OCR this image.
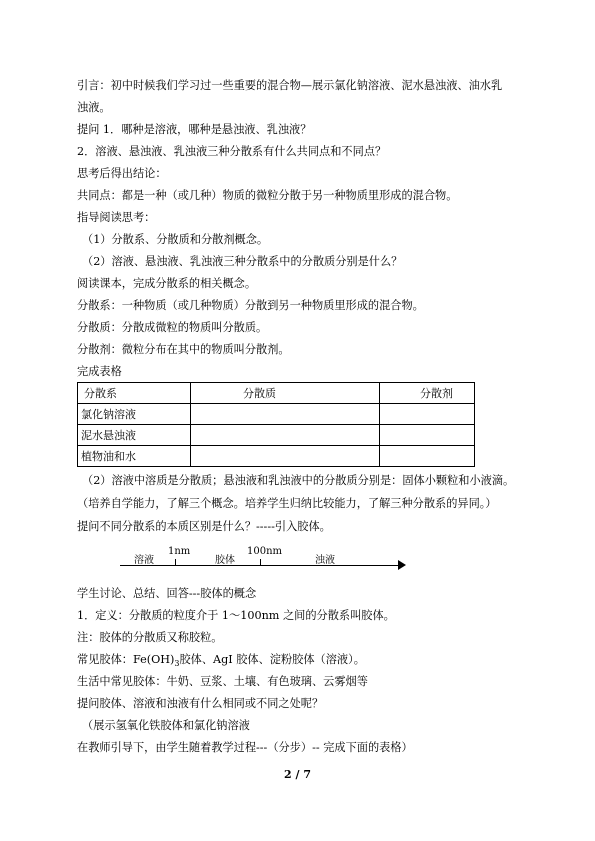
引言：初中时候我们学习过一些重要的混合物—展示氯化钠溶液、泥水悬浊液、油水乳
浊液。
提问 1．哪种是溶液，哪种是悬浊液、乳浊液？
2．溶液、悬浊液、乳浊液三种分散系有什么共同点和不同点？
思考后得出结论：
共同点：都是一种（或几种）物质的微粒分散于另一种物质里形成的混合物。
指导阅读思考：
（1）分散系、分散质和分散剂概念。
（2）溶液、悬浊液、乳浊液三种分散系中的分散质分别是什么？
阅读课本，完成分散系的相关概念。
分散系：一种物质（或几种物质）分散到另一种物质里形成的混合物。
分散质：分散成微粒的物质叫分散质。
分散剂：微粒分布在其中的物质叫分散剂。
完成表格
分散系	分散质	分散剂
氯化钠溶液		
泥水悬浊液		
植物油和水		
（2）溶液中溶质是分散质；悬浊液和乳浊液中的分散质分别是：固体小颗粒和小液滴。
（培养自学能力，了解三个概念。培养学生归纳比较能力，了解三种分散系的异同。）
提问不同分散系的本质区别是什么？-----引入胶体。
1nm	100nm
溶液	胶体	浊液
学生讨论、总结、回答---胶体的概念
1．定义：分散质的粒度介于 1～100nm 之间的分散系叫胶体。
注：胶体的分散质又称胶粒。
常见胶体：$Fe(OH)_3$胶体、AgI 胶体、淀粉胶体（溶液）。
生活中常见胶体：牛奶、豆浆、土壤、有色玻璃、云雾烟等
提问胶体、溶液和浊液有什么相同或不同之处呢？
（展示氢氧化铁胶体和氯化钠溶液
在教师引导下，由学生随着教学过程---（分步）-- 完成下面的表格）
2 / 7
